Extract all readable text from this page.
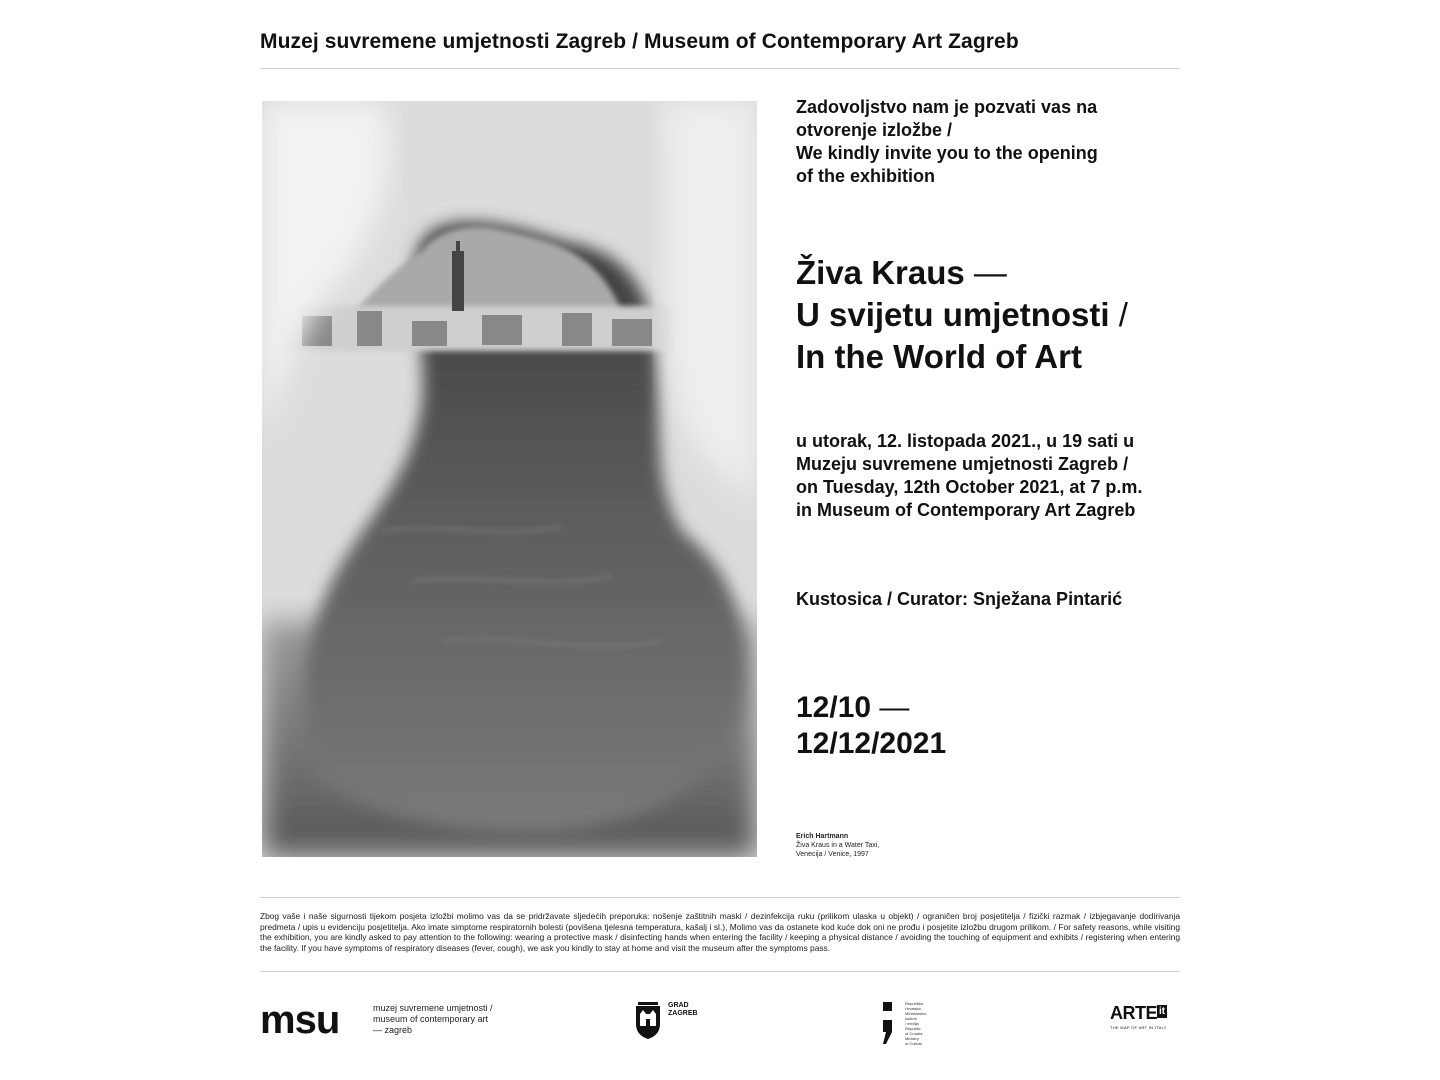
Muzej suvremene umjetnosti Zagreb / Museum of Contemporary Art Zagreb
Zadovoljstvo nam je pozvati vas na
otvorenje izložbe /
We kindly invite you to the opening
of the exhibition
Živa Kraus —
U svijetu umjetnosti /
In the World of Art
u utorak, 12. listopada 2021., u 19 sati u
Muzeju suvremene umjetnosti Zagreb /
on Tuesday, 12th October 2021, at 7 p.m.
in Museum of Contemporary Art Zagreb
Kustosica / Curator: Snježana Pintarić
12/10 —
12/12/2021
Erich Hartmann
Živa Kraus in a Water Taxi,
Venecija / Venice, 1997
Zbog vaše i naše sigurnosti tijekom posjeta izložbi molimo vas da se pridržavate sljedećih preporuka: nošenje zaštitnih maski / dezinfekcija ruku (prilikom ulaska u objekt) / ograničen broj posjetitelja / fizički razmak / izbjegavanje dodirivanja predmeta / upis u evidenciju posjetitelja. Ako imate simptome respiratornih bolesti (povišena tjelesna temperatura, kašalj i sl.), Molimo vas da ostanete kod kuće dok oni ne prođu i posjetite izložbu drugom prilikom. / For safety reasons, while visiting the exhibition, you are kindly asked to pay attention to the following: wearing a protective mask / disinfecting hands when entering the facility / keeping a physical distance / avoiding the touching of equipment and exhibits / registering when entering the facility. If you have symptoms of respiratory diseases (fever, cough), we ask you kindly to stay at home and visit the museum after the symptoms pass.
msu	muzej suvremene umjetnosti /
museum of contemporary art
— zagreb
GRAD
ZAGREB
Republika
Hrvatska
Ministarstvo
kulture
i medija
Republic
of Croatia
Ministry
of Culture
ARTE it
THE MAP OF ART IN ITALY
